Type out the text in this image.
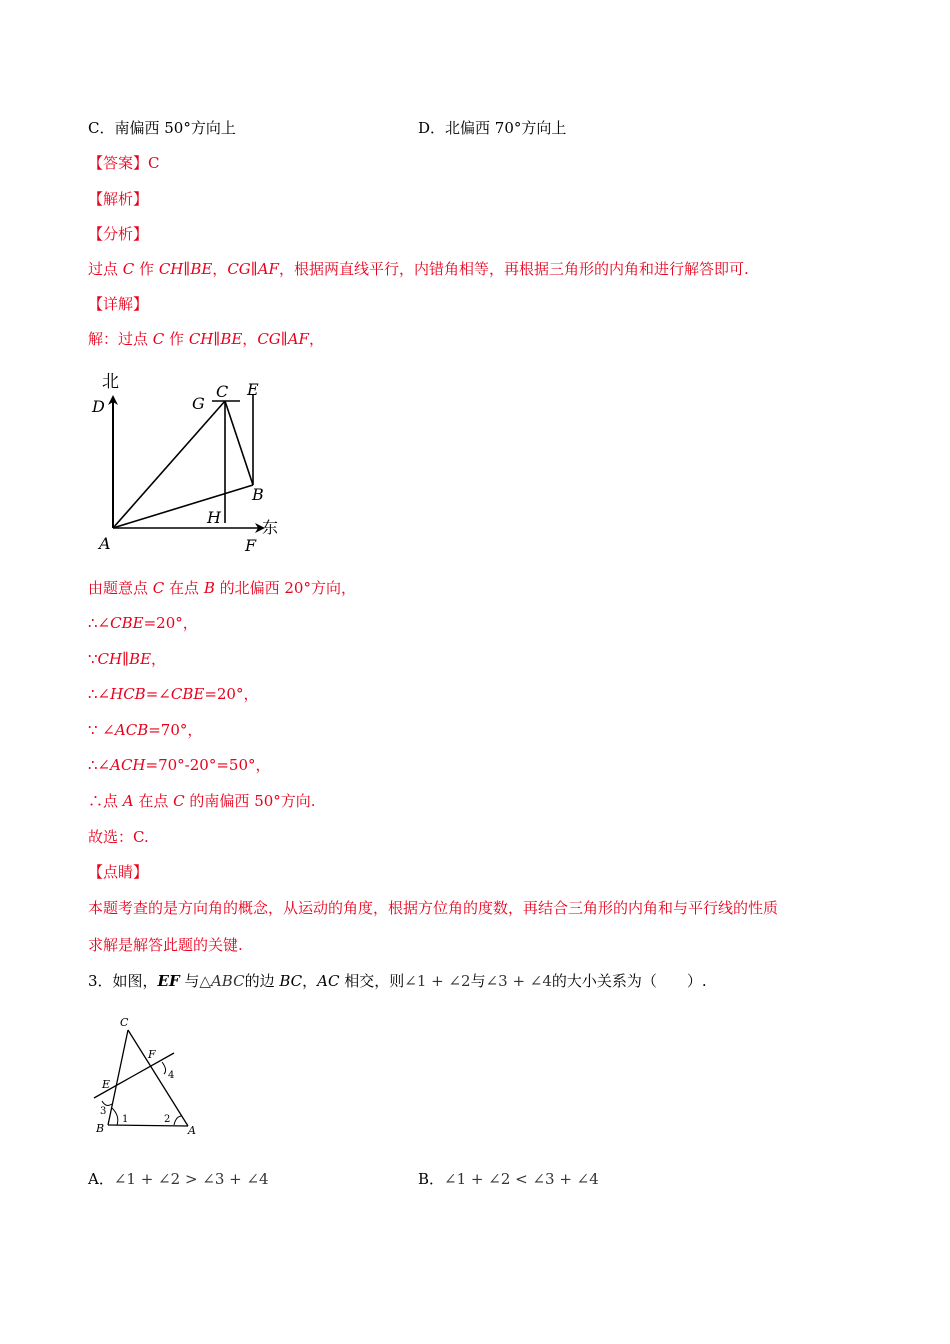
C．南偏西 50°方向上	D．北偏西 70°方向上
【答案】C
【解析】
【分析】
过点 C 作 CH∥BE，CG∥AF，根据两直线平行，内错角相等，再根据三角形的内角和进行解答即可.
【详解】
解：过点 C 作 CH∥BE，CG∥AF，
北
东
D	G
C E
B
H
A	F
由题意点 C 在点 B 的北偏西 20°方向，
∴∠CBE=20°，
∵CH∥BE，
∴∠HCB=∠CBE=20°，
∵ ∠ACB=70°，
∴∠ACH=70°-20°=50°，
∴点 A 在点 C 的南偏西 50°方向.
故选：C.
【点睛】
本题考查的是方向角的概念，从运动的角度，根据方位角的度数，再结合三角形的内角和与平行线的性质
求解是解答此题的关键.
3．如图，EF 与△ABC的边 BC，AC 相交，则∠1 + ∠2与∠3 + ∠4的大小关系为（　　）.
C
F
E
B	A
1	2
3
4
A．∠1 + ∠2 > ∠3 + ∠4	B．∠1 + ∠2 < ∠3 + ∠4
